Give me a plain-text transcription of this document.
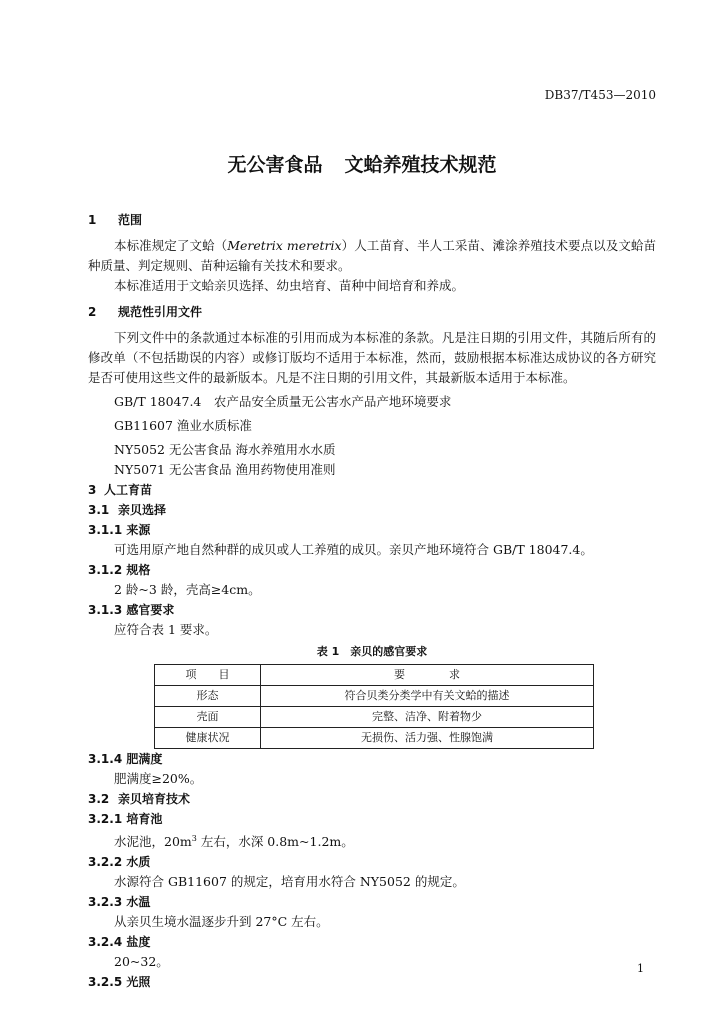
DB37/T453—2010
无公害食品 文蛤养殖技术规范
1 范围
本标准规定了文蛤（Meretrix meretrix）人工苗育、半人工采苗、滩涂养殖技术要点以及文蛤苗种质量、判定规则、苗种运输有关技术和要求。
本标准适用于文蛤亲贝选择、幼虫培育、苗种中间培育和养成。
2 规范性引用文件
下列文件中的条款通过本标准的引用而成为本标准的条款。凡是注日期的引用文件，其随后所有的修改单（不包括勘误的内容）或修订版均不适用于本标准，然而，鼓励根据本标准达成协议的各方研究是否可使用这些文件的最新版本。凡是不注日期的引用文件，其最新版本适用于本标准。
GB/T 18047.4　农产品安全质量无公害水产品产地环境要求
GB11607 渔业水质标准
NY5052 无公害食品 海水养殖用水水质
NY5071 无公害食品 渔用药物使用准则
3 人工育苗
3.1 亲贝选择
3.1.1 来源
可选用原产地自然种群的成贝或人工养殖的成贝。亲贝产地环境符合 GB/T 18047.4。
3.1.2 规格
2 龄~3 龄，壳高≥4cm。
3.1.3 感官要求
应符合表 1 要求。
表 1　亲贝的感官要求
项　　目	要　　　　求
形态	符合贝类分类学中有关文蛤的描述
壳面	完整、洁净、附着物少
健康状况	无损伤、活力强、性腺饱满
3.1.4 肥满度
肥满度≥20%。
3.2 亲贝培育技术
3.2.1 培育池
水泥池，$20m^3$ 左右，水深 0.8m~1.2m。
3.2.2 水质
水源符合 GB11607 的规定，培育用水符合 NY5052 的规定。
3.2.3 水温
从亲贝生境水温逐步升到 27°C 左右。
3.2.4 盐度
20~32。
3.2.5 光照
1
